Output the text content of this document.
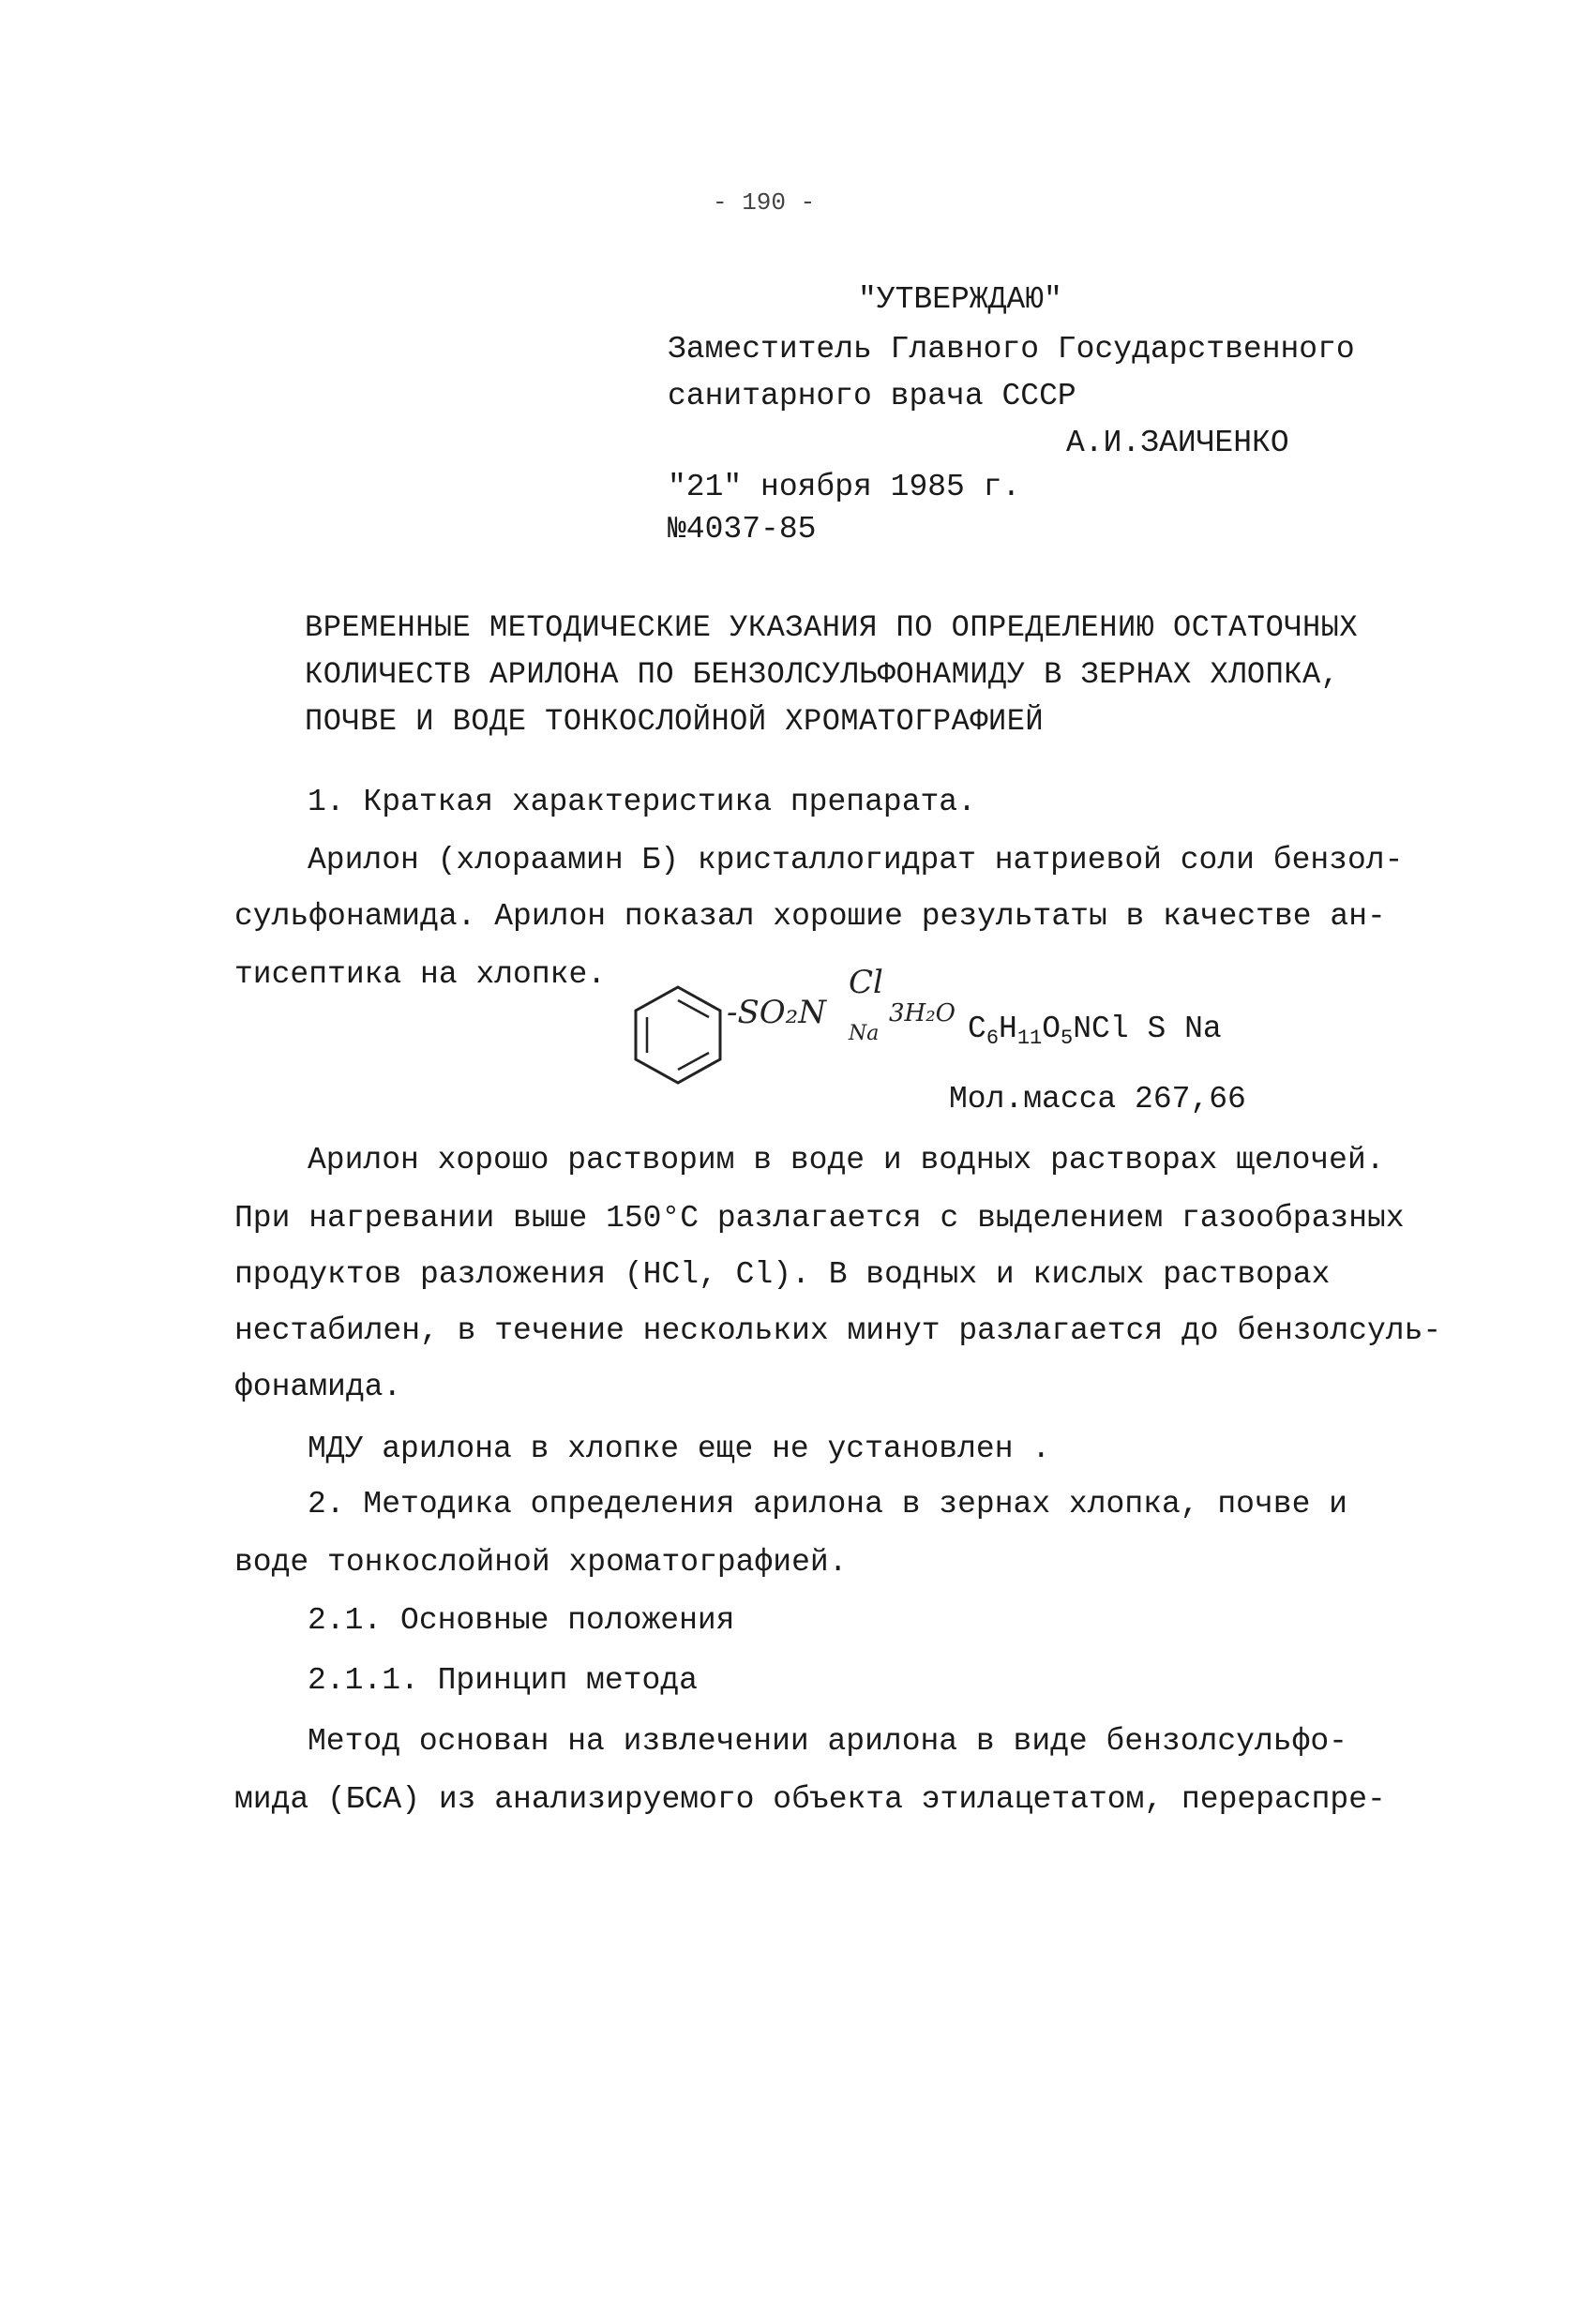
- 190 -
"УТВЕРЖДАЮ"
Заместитель Главного Государственного
санитарного врача СССР
А.И.ЗАИЧЕНКО
"21" ноября 1985 г.
№4037-85
ВРЕМЕННЫЕ МЕТОДИЧЕСКИЕ УКАЗАНИЯ ПО ОПРЕДЕЛЕНИЮ ОСТАТОЧНЫХ
КОЛИЧЕСТВ АРИЛОНА ПО БЕНЗОЛСУЛЬФОНАМИДУ В ЗЕРНАХ ХЛОПКА,
ПОЧВЕ И ВОДЕ ТОНКОСЛОЙНОЙ ХРОМАТОГРАФИЕЙ
1. Краткая характеристика препарата.
Арилон (хлораамин Б) кристаллогидрат натриевой соли бензол-
сульфонамида. Арилон показал хорошие результаты в качестве ан-
тисептика на хлопке.
-SO₂N
Cl
Na
3H₂O $C_6H_{11}O_5NCl$ S Na
Мол.масса 267,66
Арилон хорошо растворим в воде и водных растворах щелочей.
При нагревании выше 150°С разлагается с выделением газообразных
продуктов разложения (HCl, Cl). В водных и кислых растворах
нестабилен, в течение нескольких минут разлагается до бензолсуль-
фонамида.
МДУ арилона в хлопке еще не установлен .
2. Методика определения арилона в зернах хлопка, почве и
воде тонкослойной хроматографией.
2.1. Основные положения
2.1.1. Принцип метода
Метод основан на извлечении арилона в виде бензолсульфо-
мида (БСА) из анализируемого объекта этилацетатом, перераспре-
